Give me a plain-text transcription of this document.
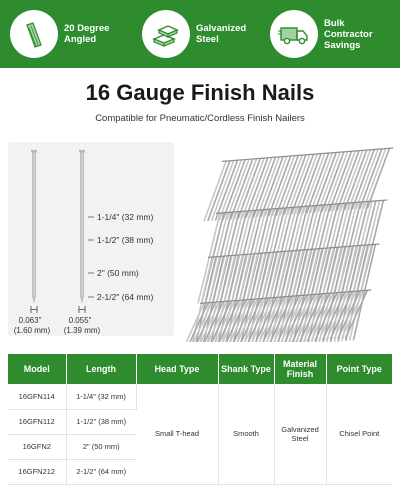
20 Degree Angled
Galvanized Steel
Bulk Contractor Savings
16 Gauge Finish Nails
Compatible for Pneumatic/Cordless Finish Nailers
1-1/4" (32 mm)
1-1/2" (38 mm)
2" (50 mm)
2-1/2" (64 mm)
0.063"
(1.60 mm)
0.055"
(1.39 mm)
Model	Length	Head Type	Shank Type	Material Finish	Point Type
16GFN114	1-1/4" (32 mm)	Small T-head	Smooth	Galvanized Steel	Chisel Point
16GFN112	1-1/2" (38 mm)				
16GFN2	2" (50 mm)				
16GFN212	2-1/2" (64 mm)				
